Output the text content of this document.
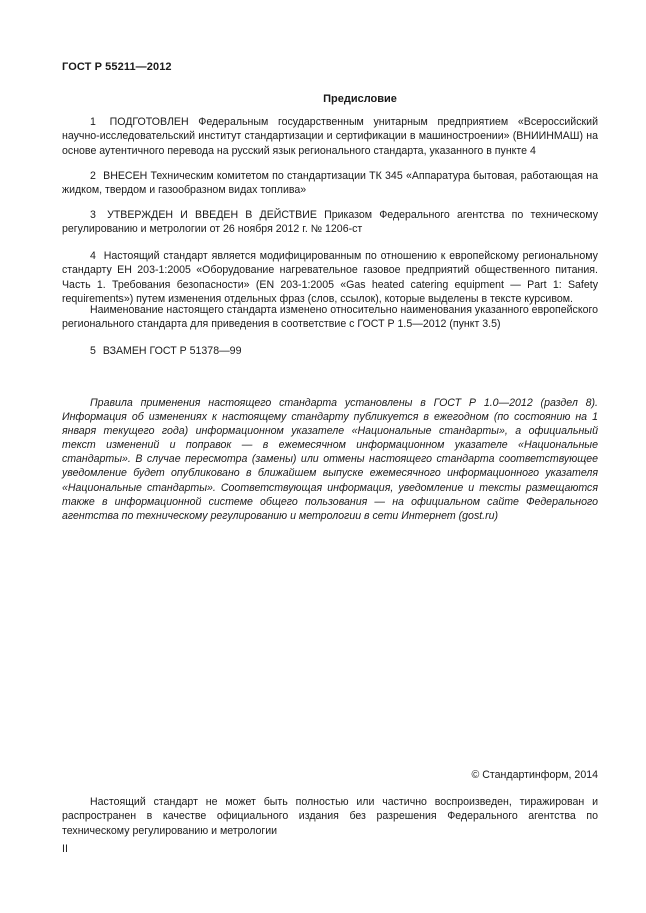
ГОСТ Р 55211—2012
Предисловие

1 ПОДГОТОВЛЕН Федеральным государственным унитарным предприятием «Всероссийский научно-исследовательский институт стандартизации и сертификации в машиностроении» (ВНИИНМАШ) на основе аутентичного перевода на русский язык регионального стандарта, указанного в пункте 4

2 ВНЕСЕН Техническим комитетом по стандартизации ТК 345 «Аппаратура бытовая, работающая на жидком, твердом и газообразном видах топлива»

3 УТВЕРЖДЕН И ВВЕДЕН В ДЕЙСТВИЕ Приказом Федерального агентства по техническому регулированию и метрологии от 26 ноября 2012 г. № 1206-ст

4 Настоящий стандарт является модифицированным по отношению к европейскому региональному стандарту ЕН 203-1:2005 «Оборудование нагревательное газовое предприятий общественного питания. Часть 1. Требования безопасности» (EN 203-1:2005 «Gas heated catering equipment — Part 1: Safety requirements») путем изменения отдельных фраз (слов, ссылок), которые выделены в тексте курсивом.

Наименование настоящего стандарта изменено относительно наименования указанного европейского регионального стандарта для приведения в соответствие с ГОСТ Р 1.5—2012 (пункт 3.5)

5 ВЗАМЕН ГОСТ Р 51378—99

Правила применения настоящего стандарта установлены в ГОСТ Р 1.0—2012 (раздел 8). Информация об изменениях к настоящему стандарту публикуется в ежегодном (по состоянию на 1 января текущего года) информационном указателе «Национальные стандарты», а официальный текст изменений и поправок — в ежемесячном информационном указателе «Национальные стандарты». В случае пересмотра (замены) или отмены настоящего стандарта соответствующее уведомление будет опубликовано в ближайшем выпуске ежемесячного информационного указателя «Национальные стандарты». Соответствующая информация, уведомление и тексты размещаются также в информационной системе общего пользования — на официальном сайте Федерального агентства по техническому регулированию и метрологии в сети Интернет (gost.ru)

© Стандартинформ, 2014

Настоящий стандарт не может быть полностью или частично воспроизведен, тиражирован и распространен в качестве официального издания без разрешения Федерального агентства по техническому регулированию и метрологии

II
